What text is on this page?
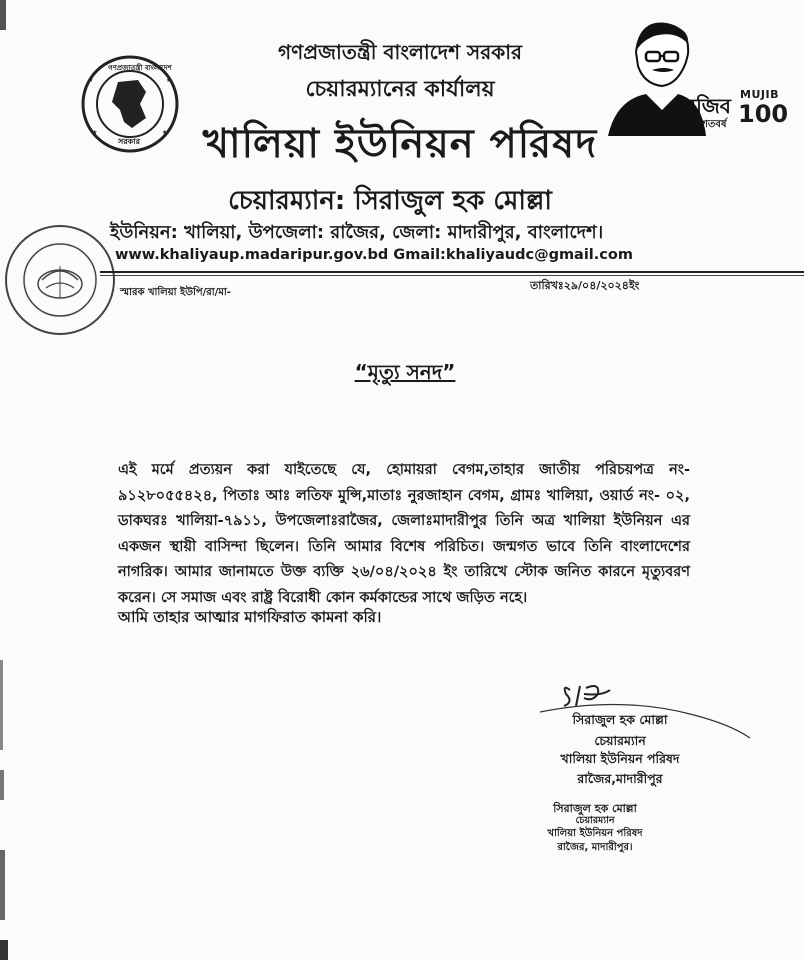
★	★
★	★
গণপ্রজাতন্ত্রী বাংলাদেশ
সরকার
মুজিব
শতবর্ষ
MUJIB
100
গণপ্রজাতন্ত্রী বাংলাদেশ সরকার
চেয়ারম্যানের কার্যালয়
খালিয়া ইউনিয়ন পরিষদ
চেয়ারম্যান: সিরাজুল হক মোল্লা
ইউনিয়ন: খালিয়া, উপজেলা: রাজৈর, জেলা: মাদারীপুর, বাংলাদেশ।
www.khaliyaup.madaripur.gov.bd Gmail:khaliyaudc@gmail.com
স্মারক খালিয়া ইউপি/রা/মা-
তারিখঃ২৯/০৪/২০২৪ইং
“মৃত্যু সনদ”
এই মর্মে প্রত্যয়ন করা যাইতেছে যে, হোমায়রা বেগম,তাহার জাতীয় পরিচয়পত্র নং- ৯১২৮০৫৫৪২৪, পিতাঃ আঃ লতিফ মুন্সি,মাতাঃ নুরজাহান বেগম, গ্রামঃ খালিয়া, ওয়ার্ড নং- ০২, ডাকঘরঃ খালিয়া-৭৯১১, উপজেলাঃরাজৈর, জেলাঃমাদারীপুর তিনি অত্র খালিয়া ইউনিয়ন এর একজন স্থায়ী বাসিন্দা ছিলেন। তিনি আমার বিশেষ পরিচিত। জন্মগত ভাবে তিনি বাংলাদেশের নাগরিক। আমার জানামতে উক্ত ব্যক্তি ২৬/০৪/২০২৪ ইং তারিখে স্টোক জনিত কারনে মৃত্যুবরণ করেন। সে সমাজ এবং রাষ্ট্র বিরোধী কোন কর্মকান্ডের সাথে জড়িত নহে।
আমি তাহার আত্মার মাগফিরাত কামনা করি।
সিরাজুল হক মোল্লা
চেয়ারম্যান
খালিয়া ইউনিয়ন পরিষদ
রাজৈর,মাদারীপুর
সিরাজুল হক মোল্লা
চেয়ারম্যান
খালিয়া ইউনিয়ন পরিষদ
রাজৈর, মাদারীপুর।
